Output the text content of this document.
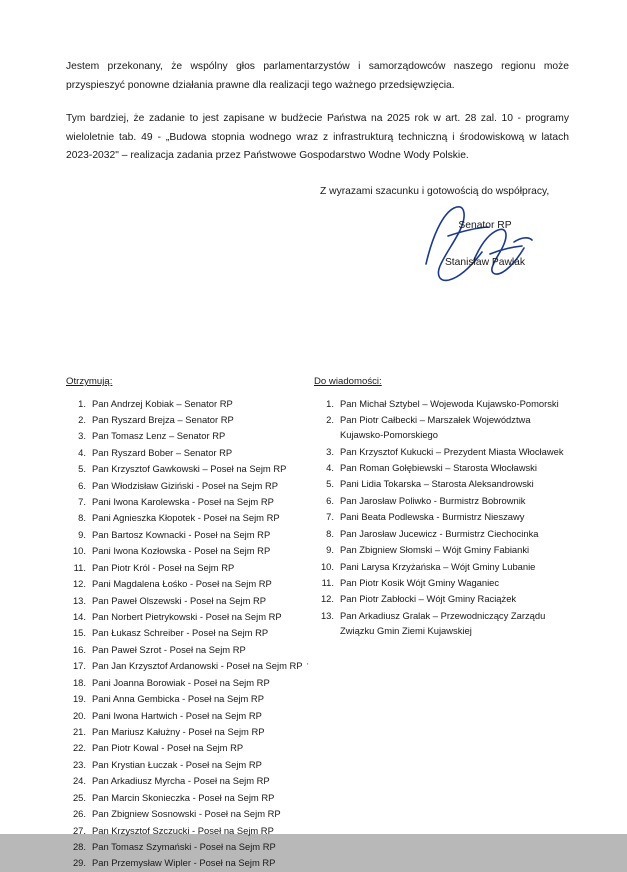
Jestem przekonany, że wspólny głos parlamentarzystów i samorządowców naszego regionu może przyspieszyć ponowne działania prawne dla realizacji tego ważnego przedsięwzięcia.

Tym bardziej, że zadanie to jest zapisane w budżecie Państwa na 2025 rok w art. 28 zal. 10 - programy wieloletnie tab. 49 - „Budowa stopnia wodnego wraz z infrastrukturą techniczną i środowiskową w latach 2023-2032" – realizacja zadania przez Państwowe Gospodarstwo Wodne Wody Polskie.

Z wyrazami szacunku i gotowością do współpracy,
Senator RP
Stanisław Pawlak
Otrzymują:
1. Pan Andrzej Kobiak – Senator RP
2. Pan Ryszard Brejza – Senator RP
3. Pan Tomasz Lenz – Senator RP
4. Pan Ryszard Bober – Senator RP
5. Pan Krzysztof Gawkowski – Poseł na Sejm RP
6. Pan Włodzisław Giziński - Poseł na Sejm RP
7. Pani Iwona Karolewska - Poseł na Sejm RP
8. Pani Agnieszka Kłopotek - Poseł na Sejm RP
9. Pan Bartosz Kownacki - Poseł na Sejm RP
10. Pani Iwona Kozłowska - Poseł na Sejm RP
11. Pan Piotr Król - Poseł na Sejm RP
12. Pani Magdalena Łośko - Poseł na Sejm RP
13. Pan Paweł Olszewski - Poseł na Sejm RP
14. Pan Norbert Pietrykowski - Poseł na Sejm RP
15. Pan Łukasz Schreiber - Poseł na Sejm RP
16. Pan Paweł Szrot - Poseł na Sejm RP
17. Pan Jan Krzysztof Ardanowski - Poseł na Sejm RP
18. Pani Joanna Borowiak - Poseł na Sejm RP
19. Pani Anna Gembicka - Poseł na Sejm RP
20. Pani Iwona Hartwich - Poseł na Sejm RP
21. Pan Mariusz Kałużny - Poseł na Sejm RP
22. Pan Piotr Kowal - Poseł na Sejm RP
23. Pan Krystian Łuczak - Poseł na Sejm RP
24. Pan Arkadiusz Myrcha - Poseł na Sejm RP
25. Pan Marcin Skonieczka - Poseł na Sejm RP
26. Pan Zbigniew Sosnowski - Poseł na Sejm RP
27. Pan Krzysztof Szczucki - Poseł na Sejm RP
28. Pan Tomasz Szymański - Poseł na Sejm RP
29. Pan Przemysław Wipler - Poseł na Sejm RP
Do wiadomości:
1. Pan Michał Sztybel – Wojewoda Kujawsko-Pomorski
2. Pan Piotr Całbecki – Marszałek Województwa
Kujawsko-Pomorskiego
3. Pan Krzysztof Kukucki – Prezydent Miasta Włocławek
4. Pan Roman Gołębiewski – Starosta Włocławski
5. Pani Lidia Tokarska – Starosta Aleksandrowski
6. Pan Jarosław Poliwko - Burmistrz Bobrownik
7. Pani Beata Podlewska - Burmistrz Nieszawy
8. Pan Jarosław Jucewicz - Burmistrz Ciechocinka
9. Pan Zbigniew Słomski – Wójt Gminy Fabianki
10. Pani Larysa Krzyżańska – Wójt Gminy Lubanie
11. Pan Piotr Kosik Wójt Gminy Waganiec
12. Pan Piotr Zabłocki – Wójt Gminy Raciążek
13. Pan Arkadiusz Gralak – Przewodniczący Zarządu
Związku Gmin Ziemi Kujawskiej
'
